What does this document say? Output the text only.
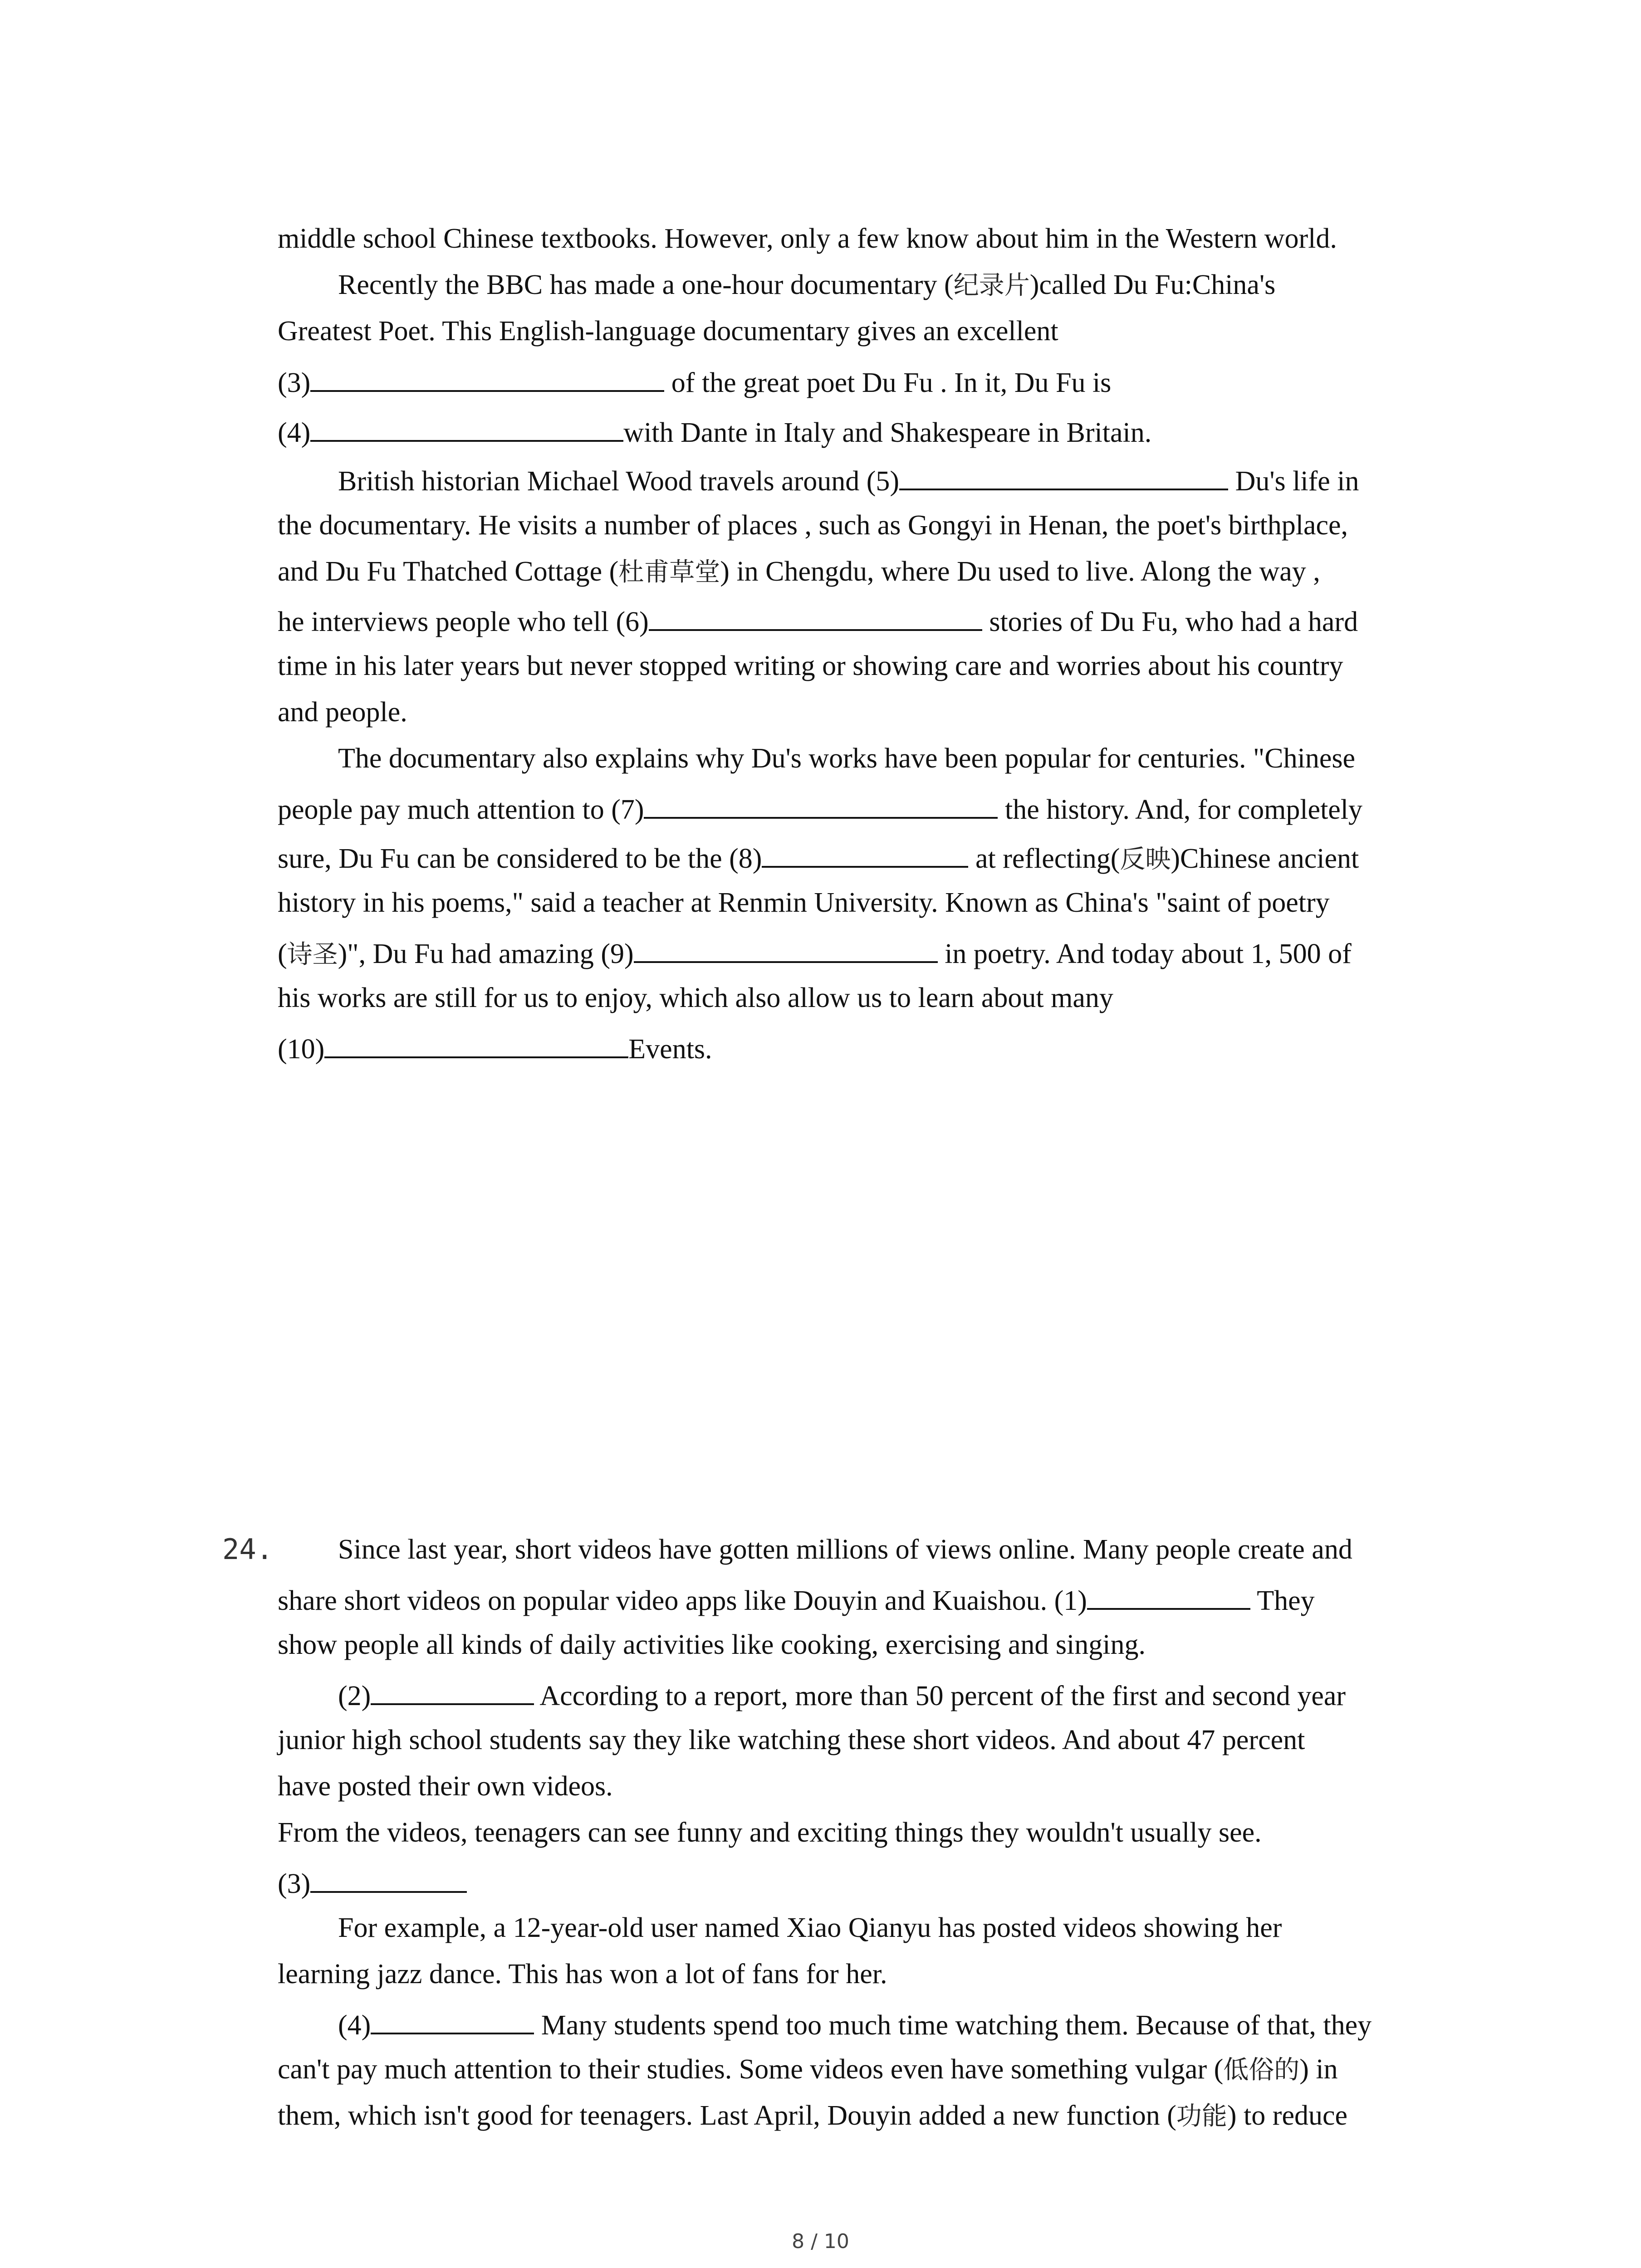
middle school Chinese textbooks. However, only a few know about him in the Western world.
Recently the BBC has made a one-hour documentary (纪录片)called Du Fu:China's
Greatest Poet. This English-language documentary gives an excellent
(3)	of the great poet Du Fu . In it, Du Fu is
(4)	with Dante in Italy and Shakespeare in Britain.
British historian Michael Wood travels around (5)	Du's life in
the documentary. He visits a number of places , such as Gongyi in Henan, the poet's birthplace,
and Du Fu Thatched Cottage (杜甫草堂) in Chengdu, where Du used to live. Along the way ,
he interviews people who tell (6)	stories of Du Fu, who had a hard
time in his later years but never stopped writing or showing care and worries about his country
and people.
The documentary also explains why Du's works have been popular for centuries. "Chinese
people pay much attention to (7)	the history. And, for completely
sure, Du Fu can be considered to be the (8)	at reflecting(反映)Chinese ancient
history in his poems," said a teacher at Renmin University. Known as China's "saint of poetry
(诗圣)", Du Fu had amazing (9)	in poetry. And today about 1, 500 of
his works are still for us to enjoy, which also allow us to learn about many
(10)	Events.
24. Since last year, short videos have gotten millions of views online. Many people create and
share short videos on popular video apps like Douyin and Kuaishou. (1)	They
show people all kinds of daily activities like cooking, exercising and singing.
(2)	According to a report, more than 50 percent of the first and second year
junior high school students say they like watching these short videos. And about 47 percent
have posted their own videos.
From the videos, teenagers can see funny and exciting things they wouldn't usually see.
(3)
For example, a 12-year-old user named Xiao Qianyu has posted videos showing her
learning jazz dance. This has won a lot of fans for her.
(4)	Many students spend too much time watching them. Because of that, they
can't pay much attention to their studies. Some videos even have something vulgar (低俗的) in
them, which isn't good for teenagers. Last April, Douyin added a new function (功能) to reduce
8 / 10
